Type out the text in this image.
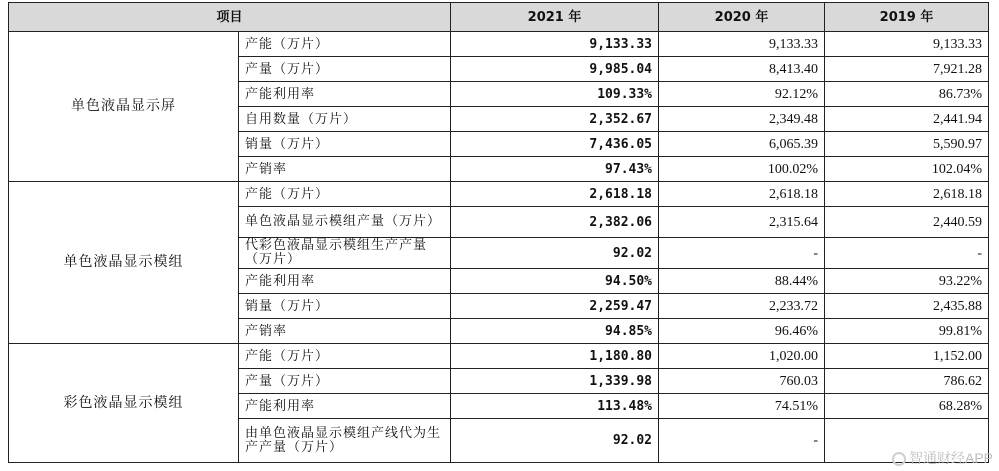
项目		2021 年	2020 年	2019 年
单色液晶显示屏	产能（万片）	9,133.33	9,133.33	9,133.33
	产量（万片）	9,985.04	8,413.40	7,921.28
	产能利用率	109.33%	92.12%	86.73%
	自用数量（万片）	2,352.67	2,349.48	2,441.94
	销量（万片）	7,436.05	6,065.39	5,590.97
	产销率	97.43%	100.02%	102.04%
单色液晶显示模组	产能（万片）	2,618.18	2,618.18	2,618.18
	单色液晶显示模组产量（万片）	2,382.06	2,315.64	2,440.59
	代彩色液晶显示模组生产产量（万片）	92.02	-	-
	产能利用率	94.50%	88.44%	93.22%
	销量（万片）	2,259.47	2,233.72	2,435.88
	产销率	94.85%	96.46%	99.81%
彩色液晶显示模组	产能（万片）	1,180.80	1,020.00	1,152.00
	产量（万片）	1,339.98	760.03	786.62
	产能利用率	113.48%	74.51%	68.28%
	由单色液晶显示模组产线代为生产产量（万片）	92.02	-	
智通财经APP
